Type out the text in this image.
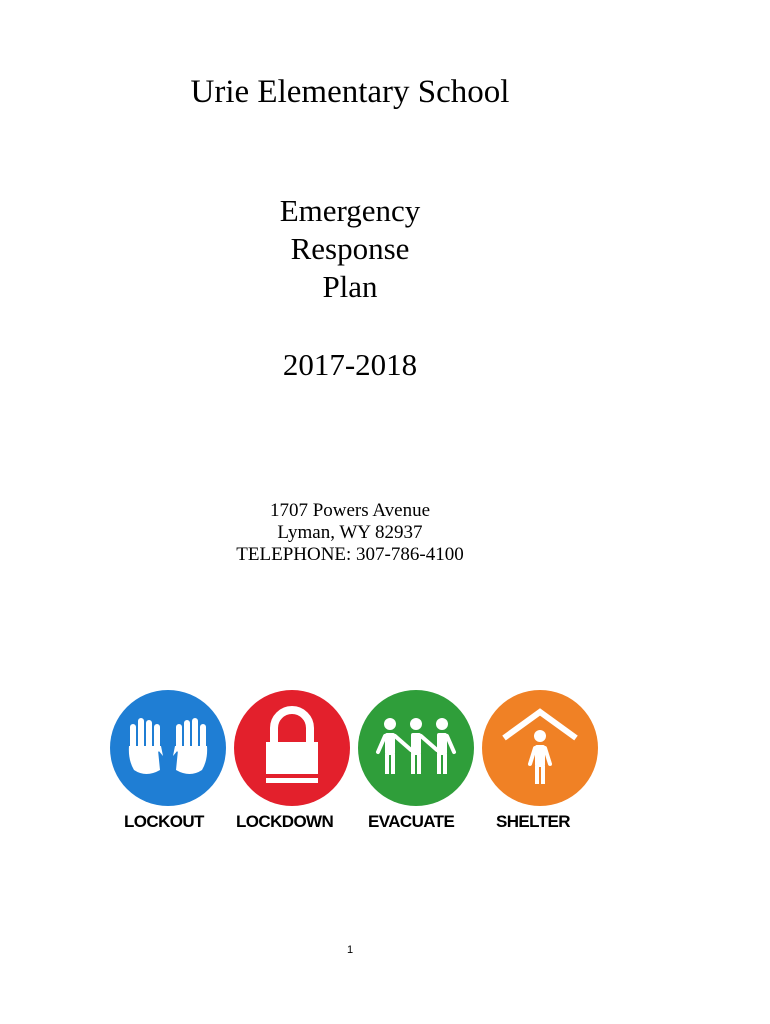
Urie Elementary School
Emergency
Response
Plan
2017-2018
1707 Powers Avenue
Lyman, WY 82937
TELEPHONE: 307-786-4100
LOCKOUT LOCKDOWN EVACUATE SHELTER
1
